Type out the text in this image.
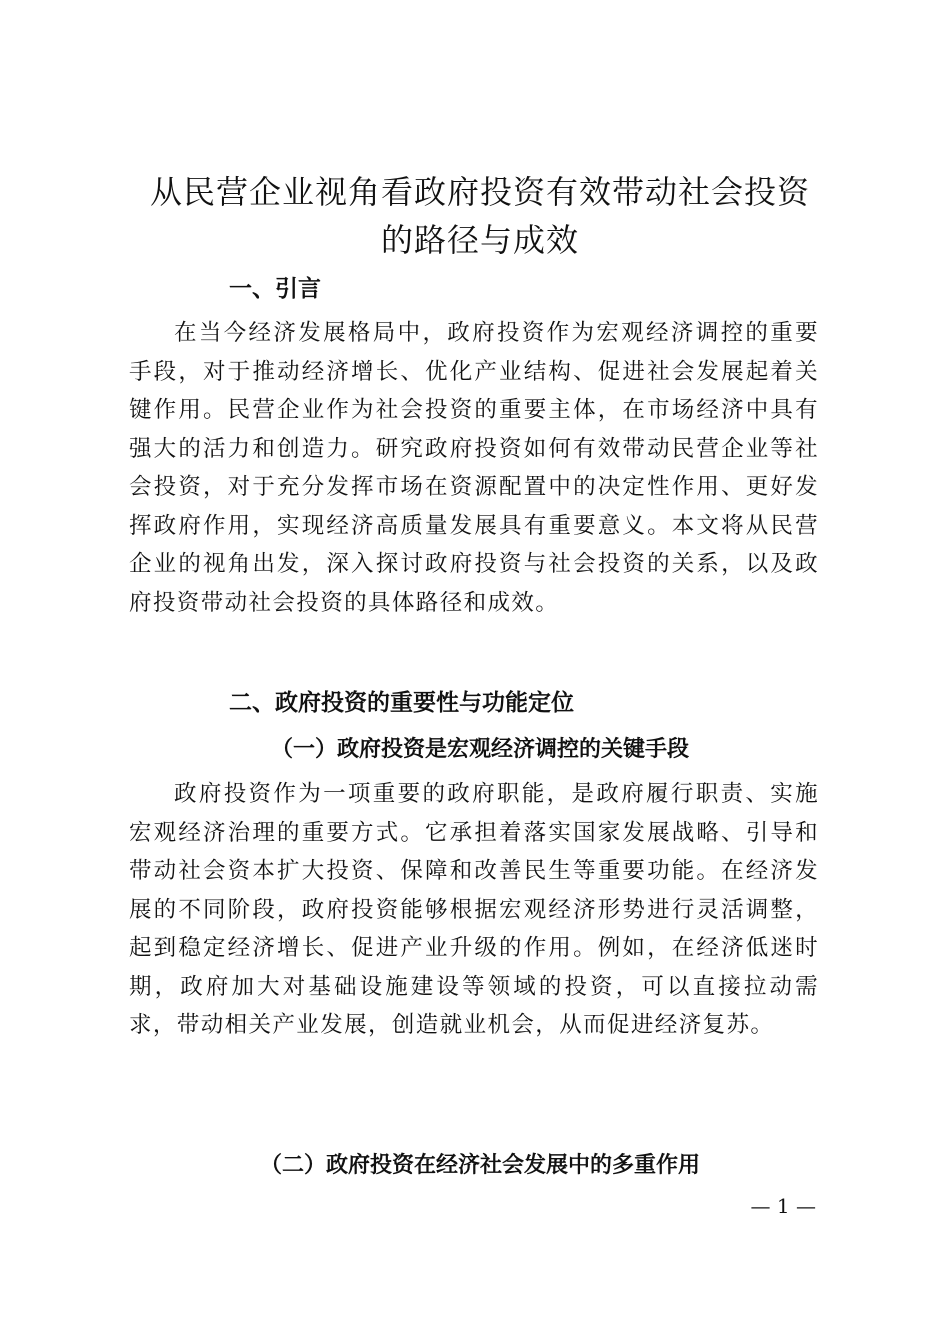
从民营企业视角看政府投资有效带动社会投资
的路径与成效
一、引言

在当今经济发展格局中，政府投资作为宏观经济调控的重要手段，对于推动经济增长、优化产业结构、促进社会发展起着关键作用。民营企业作为社会投资的重要主体，在市场经济中具有强大的活力和创造力。研究政府投资如何有效带动民营企业等社会投资，对于充分发挥市场在资源配置中的决定性作用、更好发挥政府作用，实现经济高质量发展具有重要意义。本文将从民营企业的视角出发，深入探讨政府投资与社会投资的关系，以及政府投资带动社会投资的具体路径和成效。

二、政府投资的重要性与功能定位
（一）政府投资是宏观经济调控的关键手段

政府投资作为一项重要的政府职能，是政府履行职责、实施宏观经济治理的重要方式。它承担着落实国家发展战略、引导和带动社会资本扩大投资、保障和改善民生等重要功能。在经济发展的不同阶段，政府投资能够根据宏观经济形势进行灵活调整，起到稳定经济增长、促进产业升级的作用。例如，在经济低迷时期，政府加大对基础设施建设等领域的投资，可以直接拉动需求，带动相关产业发展，创造就业机会，从而促进经济复苏。

（二）政府投资在经济社会发展中的多重作用
— 1 —
